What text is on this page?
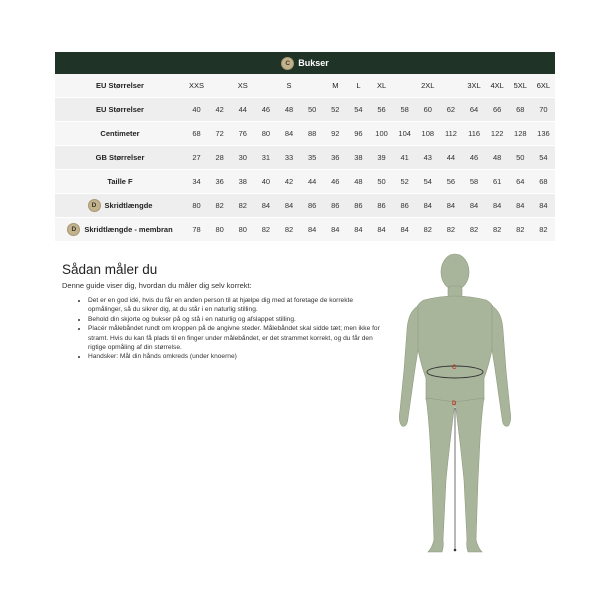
C Bukser
EU Størrelser	XXS		XS		S		M	L	XL		2XL		3XL	4XL	5XL	6XL

EU Størrelser	40	42	44	46	48	50	52	54	56	58	60	62	64	66	68	70

Centimeter	68	72	76	80	84	88	92	96	100	104	108	112	116	122	128	136

GB Størrelser	27	28	30	31	33	35	36	38	39	41	43	44	46	48	50	54

Taille F	34	36	38	40	42	44	46	48	50	52	54	56	58	61	64	68

D Skridtlængde	80	82	82	84	84	86	86	86	86	86	84	84	84	84	84	84

D Skridtlængde - membran	78	80	80	82	82	84	84	84	84	84	82	82	82	82	82	82
Sådan måler du

Denne guide viser dig, hvordan du måler dig selv korrekt:

• Det er en god idé, hvis du får en anden person til at hjælpe dig med at foretage de korrekte opmålinger, så du sikrer dig, at du står i en naturlig stilling.
• Behold din skjorte og bukser på og stå i en naturlig og afslappet stilling.
• Placér målebåndet rundt om kroppen på de angivne steder. Målebåndet skal sidde tæt; men ikke for stramt. Hvis du kan få plads til en finger under målebåndet, er det strammet korrekt, og du får den rigtige opmåling af din størrelse.
• Handsker: Mål din hånds omkreds (under knoerne)
C
D
